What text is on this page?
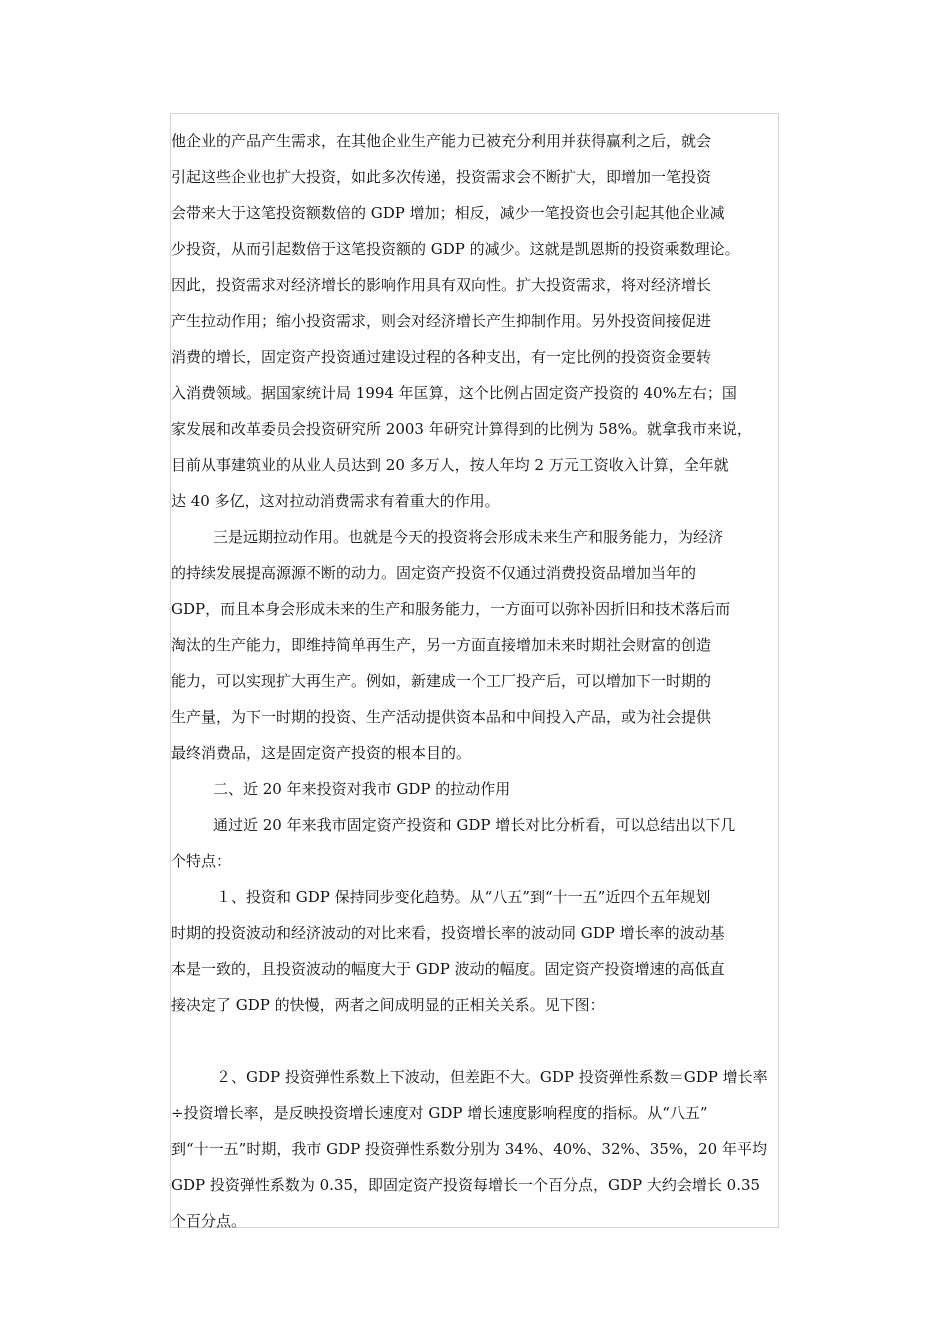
他企业的产品产生需求，在其他企业生产能力已被充分利用并获得赢利之后，就会
引起这些企业也扩大投资，如此多次传递，投资需求会不断扩大，即增加一笔投资
会带来大于这笔投资额数倍的 GDP 增加；相反，减少一笔投资也会引起其他企业减
少投资，从而引起数倍于这笔投资额的 GDP 的减少。这就是凯恩斯的投资乘数理论。
因此，投资需求对经济增长的影响作用具有双向性。扩大投资需求，将对经济增长
产生拉动作用；缩小投资需求，则会对经济增长产生抑制作用。另外投资间接促进
消费的增长，固定资产投资通过建设过程的各种支出，有一定比例的投资资金要转
入消费领域。据国家统计局 1994 年匡算，这个比例占固定资产投资的 40%左右；国
家发展和改革委员会投资研究所 2003 年研究计算得到的比例为 58%。就拿我市来说，
目前从事建筑业的从业人员达到 20 多万人，按人年均 2 万元工资收入计算，全年就
达 40 多亿，这对拉动消费需求有着重大的作用。
三是远期拉动作用。也就是今天的投资将会形成未来生产和服务能力，为经济
的持续发展提高源源不断的动力。固定资产投资不仅通过消费投资品增加当年的
GDP，而且本身会形成未来的生产和服务能力，一方面可以弥补因折旧和技术落后而
淘汰的生产能力，即维持简单再生产，另一方面直接增加未来时期社会财富的创造
能力，可以实现扩大再生产。例如，新建成一个工厂投产后，可以增加下一时期的
生产量，为下一时期的投资、生产活动提供资本品和中间投入产品，或为社会提供
最终消费品，这是固定资产投资的根本目的。
二、近 20 年来投资对我市 GDP 的拉动作用
通过近 20 年来我市固定资产投资和 GDP 增长对比分析看，可以总结出以下几
个特点：
１、投资和 GDP 保持同步变化趋势。从“八五”到“十一五”近四个五年规划
时期的投资波动和经济波动的对比来看，投资增长率的波动同 GDP 增长率的波动基
本是一致的，且投资波动的幅度大于 GDP 波动的幅度。固定资产投资增速的高低直
接决定了 GDP 的快慢，两者之间成明显的正相关关系。见下图：
２、GDP 投资弹性系数上下波动，但差距不大。GDP 投资弹性系数＝GDP 增长率
÷投资增长率，是反映投资增长速度对 GDP 增长速度影响程度的指标。从“八五”
到“十一五”时期，我市 GDP 投资弹性系数分别为 34%、40%、32%、35%，20 年平均
GDP 投资弹性系数为 0.35，即固定资产投资每增长一个百分点，GDP 大约会增长 0.35
个百分点。
